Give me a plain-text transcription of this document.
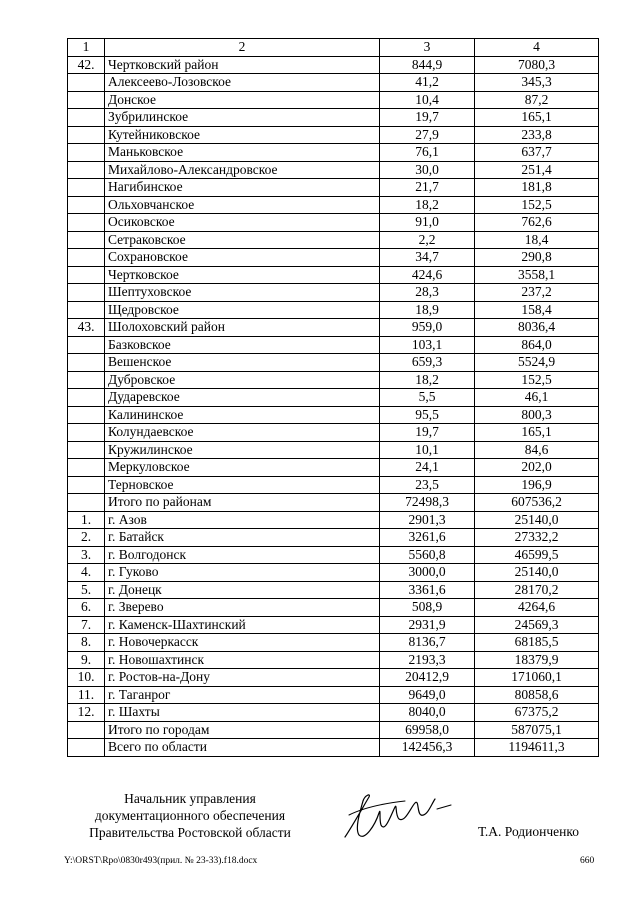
1	2	3	4
42.	Чертковский район	844,9	7080,3
	Алексеево-Лозовское	41,2	345,3
	Донское	10,4	87,2
	Зубрилинское	19,7	165,1
	Кутейниковское	27,9	233,8
	Маньковское	76,1	637,7
	Михайлово-Александровское	30,0	251,4
	Нагибинское	21,7	181,8
	Ольховчанское	18,2	152,5
	Осиковское	91,0	762,6
	Сетраковское	2,2	18,4
	Сохрановское	34,7	290,8
	Чертковское	424,6	3558,1
	Шептуховское	28,3	237,2
	Щедровское	18,9	158,4
43.	Шолоховский район	959,0	8036,4
	Базковское	103,1	864,0
	Вешенское	659,3	5524,9
	Дубровское	18,2	152,5
	Дударевское	5,5	46,1
	Калининское	95,5	800,3
	Колундаевское	19,7	165,1
	Кружилинское	10,1	84,6
	Меркуловское	24,1	202,0
	Терновское	23,5	196,9
	Итого по районам	72498,3	607536,2
1.	г. Азов	2901,3	25140,0
2.	г. Батайск	3261,6	27332,2
3.	г. Волгодонск	5560,8	46599,5
4.	г. Гуково	3000,0	25140,0
5.	г. Донецк	3361,6	28170,2
6.	г. Зверево	508,9	4264,6
7.	г. Каменск-Шахтинский	2931,9	24569,3
8.	г. Новочеркасск	8136,7	68185,5
9.	г. Новошахтинск	2193,3	18379,9
10.	г. Ростов-на-Дону	20412,9	171060,1
11.	г. Таганрог	9649,0	80858,6
12.	г. Шахты	8040,0	67375,2
	Итого по городам	69958,0	587075,1
	Всего по области	142456,3	1194611,3
Начальник управления
документационного обеспечения
Правительства Ростовской области	Т.А. Родионченко
Y:\ORST\Rpo\0830r493(прил. № 23-33).f18.docx	660
